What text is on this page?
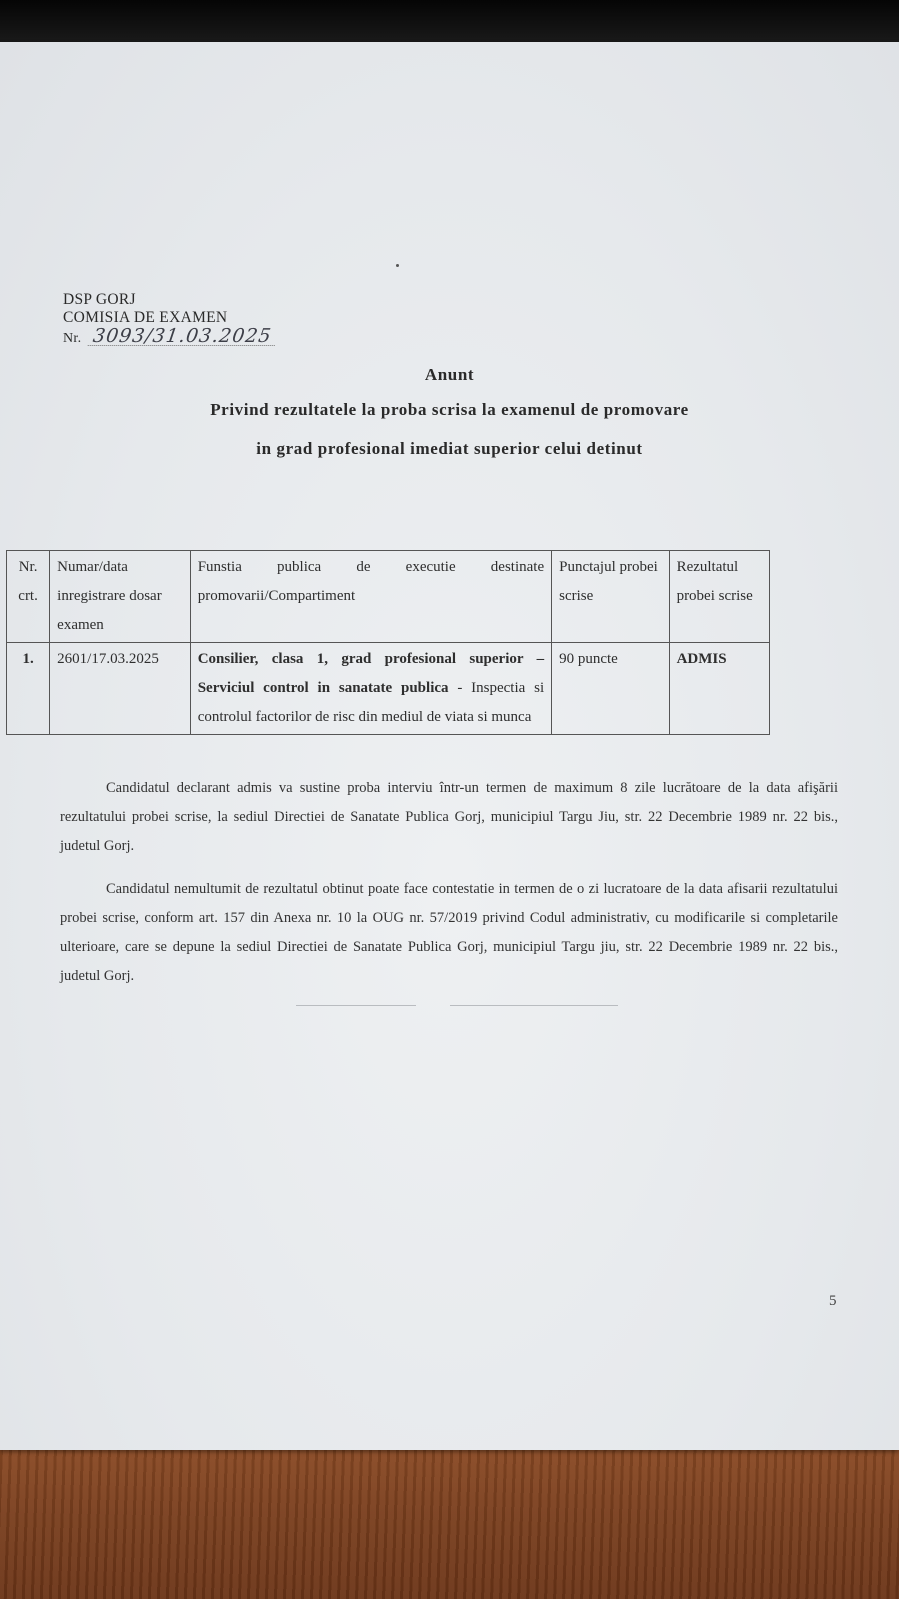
DSP GORJ
COMISIA DE EXAMEN
Nr. 3093/31.03.2025
Anunt
Privind rezultatele la proba scrisa la examenul de promovare
in grad profesional imediat superior celui detinut
Nr. crt.	Numar/data inregistrare dosar examen	Funstia publica de executie destinate promovarii/Compartiment	Punctajul probei scrise	Rezultatul probei scrise
1.	2601/17.03.2025	Consilier, clasa 1, grad profesional superior – Serviciul control in sanatate publica - Inspectia si controlul factorilor de risc din mediul de viata si munca	90 puncte	ADMIS

Candidatul declarant admis va sustine proba interviu într-un termen de maximum 8 zile lucrătoare de la data afişării rezultatului probei scrise, la sediul Directiei de Sanatate Publica Gorj, municipiul Targu Jiu, str. 22 Decembrie 1989 nr. 22 bis., judetul Gorj.

Candidatul nemultumit de rezultatul obtinut poate face contestatie in termen de o zi lucratoare de la data afisarii rezultatului probei scrise, conform art. 157 din Anexa nr. 10 la OUG nr. 57/2019 privind Codul administrativ, cu modificarile si completarile ulterioare, care se depune la sediul Directiei de Sanatate Publica Gorj, municipiul Targu jiu, str. 22 Decembrie 1989 nr. 22 bis., judetul Gorj.

5
